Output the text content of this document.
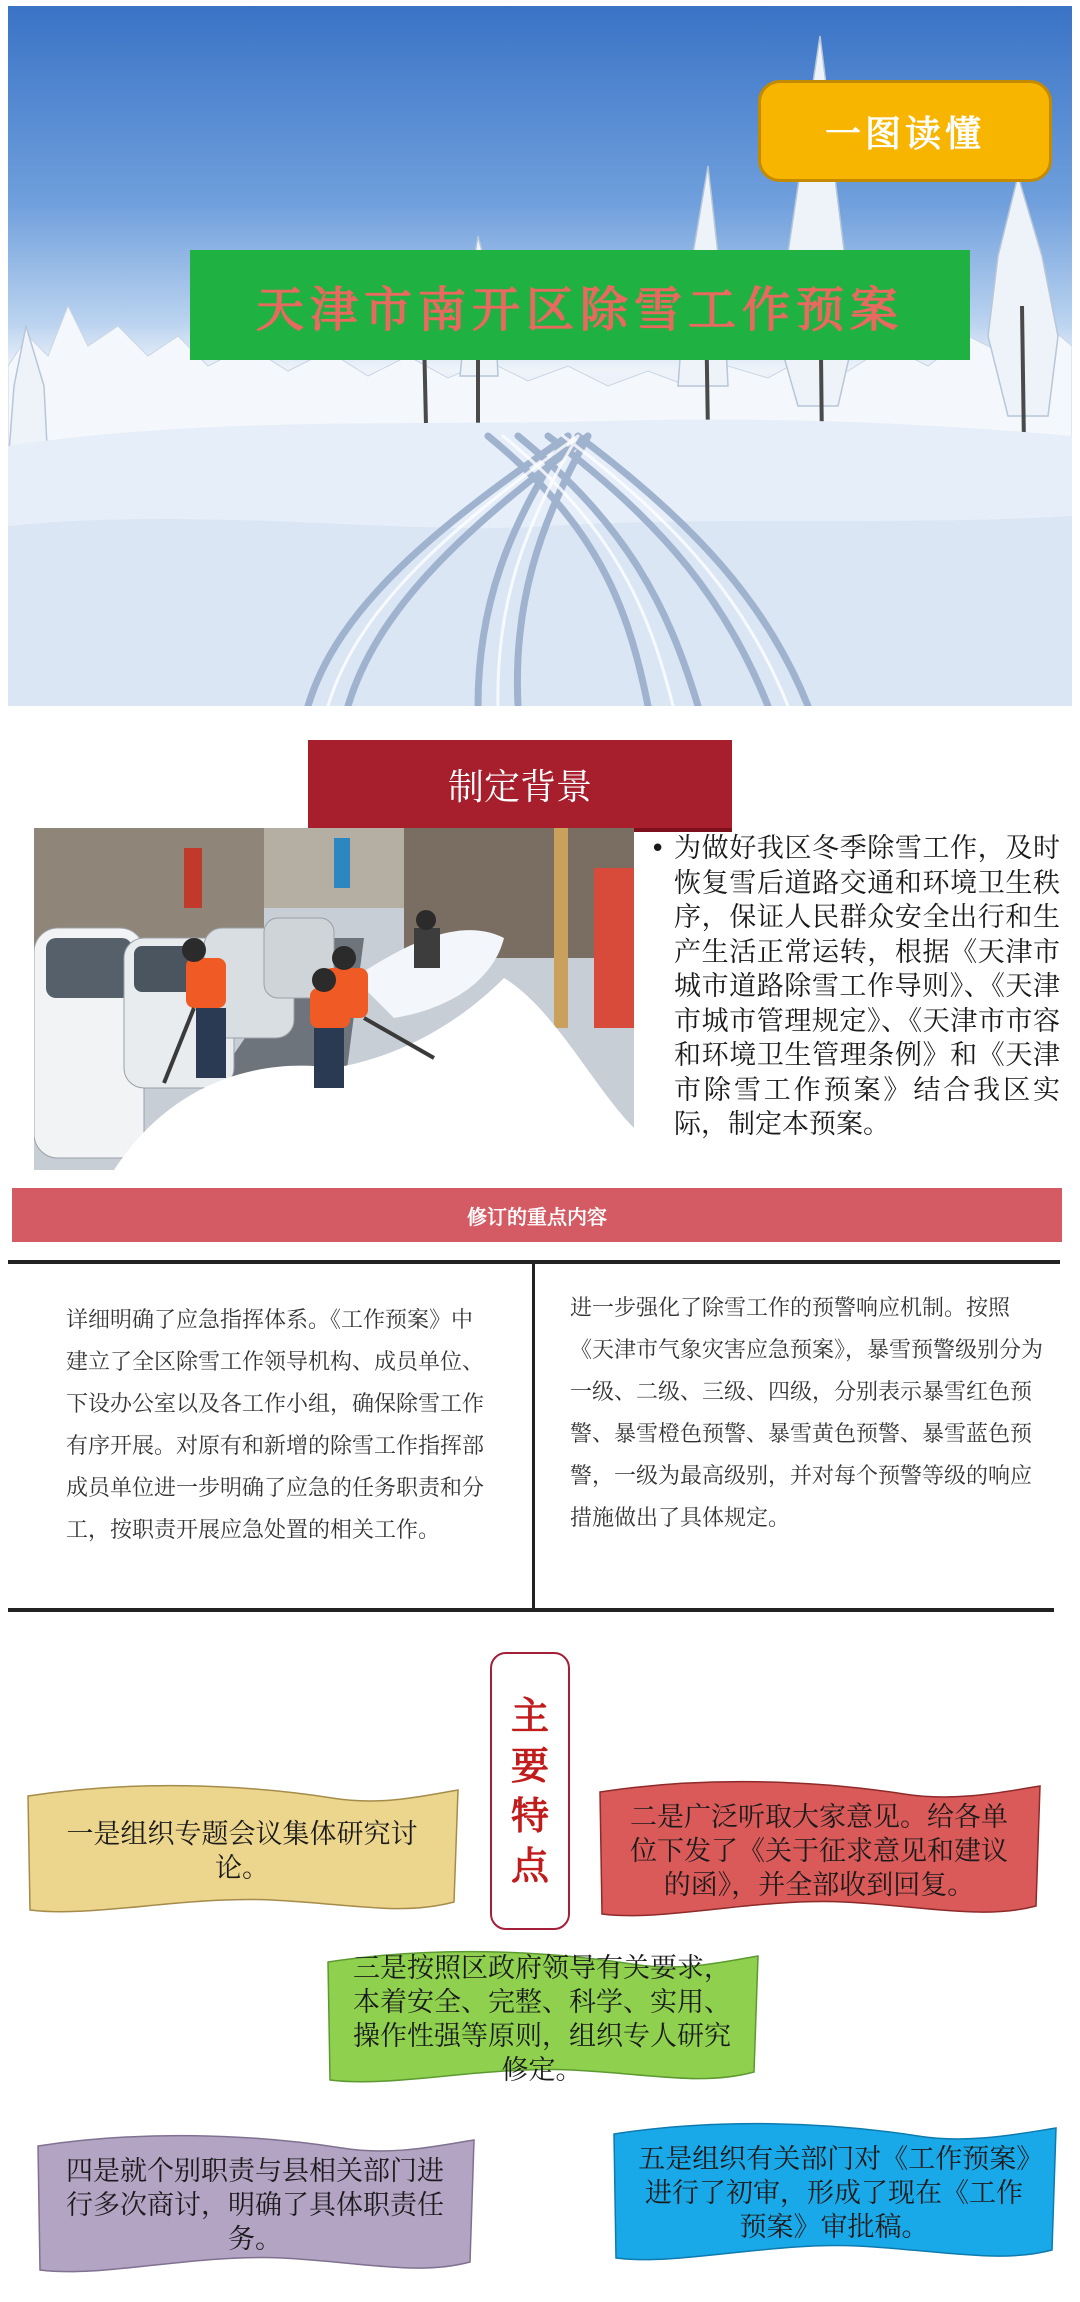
一图读懂
天津市南开区除雪工作预案
制定背景
• 为做好我区冬季除雪工作，及时恢复雪后道路交通和环境卫生秩序，保证人民群众安全出行和生产生活正常运转，根据《天津市城市道路除雪工作导则》、《天津市城市管理规定》、《天津市市容和环境卫生管理条例》和《天津市除雪工作预案》结合我区实际，制定本预案。
修订的重点内容
详细明确了应急指挥体系。《工作预案》中建立了全区除雪工作领导机构、成员单位、下设办公室以及各工作小组，确保除雪工作有序开展。对原有和新增的除雪工作指挥部成员单位进一步明确了应急的任务职责和分工，按职责开展应急处置的相关工作。
进一步强化了除雪工作的预警响应机制。按照《天津市气象灾害应急预案》，暴雪预警级别分为一级、二级、三级、四级，分别表示暴雪红色预警、暴雪橙色预警、暴雪黄色预警、暴雪蓝色预警，一级为最高级别，并对每个预警等级的响应措施做出了具体规定。
主
要
特
点
一是组织专题会议集体研究讨论。
二是广泛听取大家意见。给各单位下发了《关于征求意见和建议的函》，并全部收到回复。
三是按照区政府领导有关要求，本着安全、完整、科学、实用、操作性强等原则，组织专人研究修定。
四是就个别职责与县相关部门进行多次商讨，明确了具体职责任务。
五是组织有关部门对《工作预案》进行了初审，形成了现在《工作预案》审批稿。
